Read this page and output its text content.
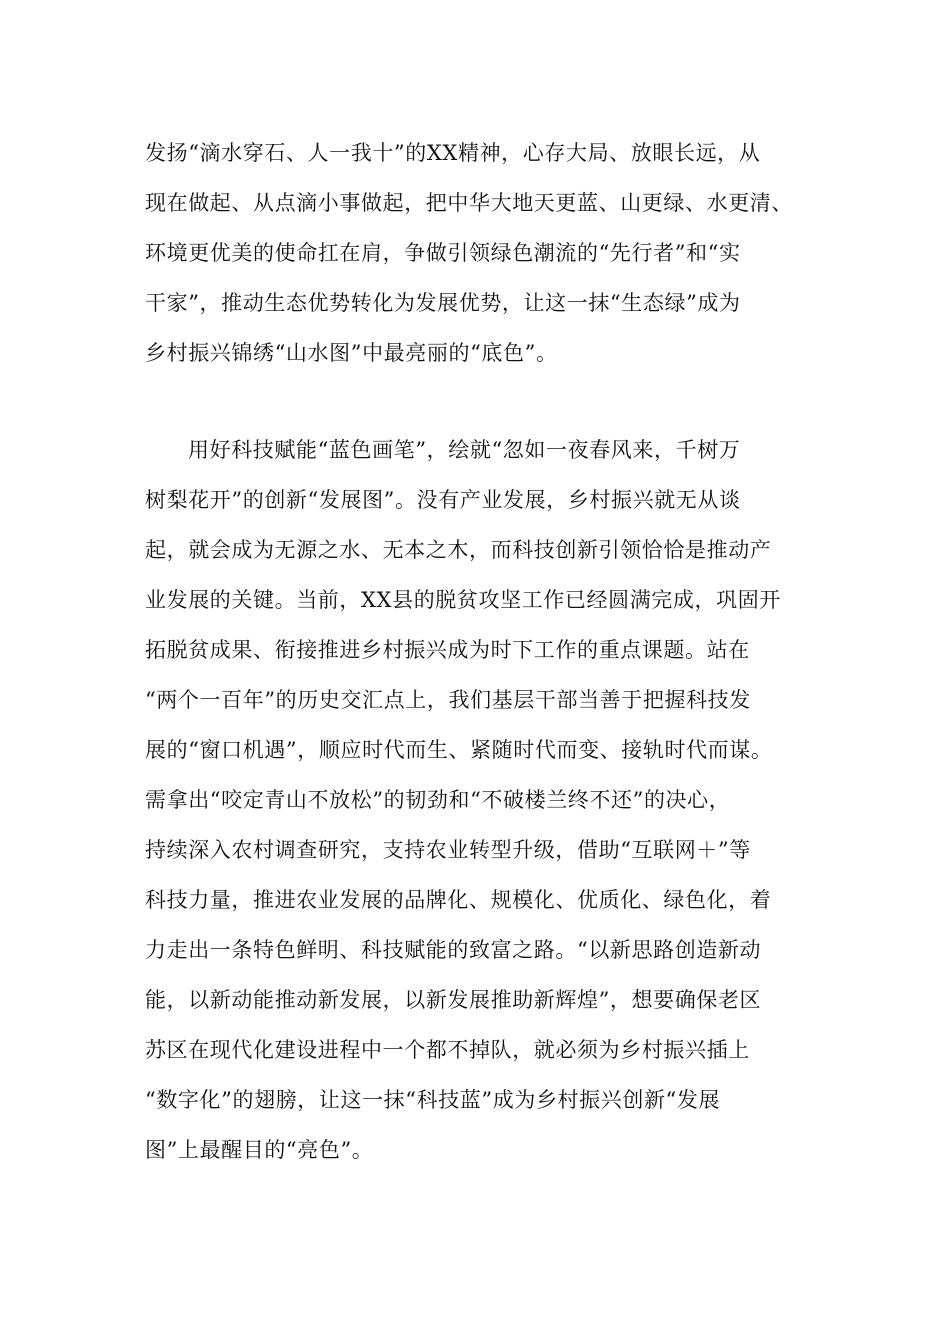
发扬“滴水穿石、人一我十”的XX精神，心存大局、放眼长远，从
现在做起、从点滴小事做起，把中华大地天更蓝、山更绿、水更清、
环境更优美的使命扛在肩，争做引领绿色潮流的“先行者”和“实
干家”，推动生态优势转化为发展优势，让这一抹“生态绿”成为
乡村振兴锦绣“山水图”中最亮丽的“底色”。
用好科技赋能“蓝色画笔”，绘就“忽如一夜春风来，千树万
树梨花开”的创新“发展图”。没有产业发展，乡村振兴就无从谈
起，就会成为无源之水、无本之木，而科技创新引领恰恰是推动产
业发展的关键。当前，XX县的脱贫攻坚工作已经圆满完成，巩固开
拓脱贫成果、衔接推进乡村振兴成为时下工作的重点课题。站在
“两个一百年”的历史交汇点上，我们基层干部当善于把握科技发
展的“窗口机遇”，顺应时代而生、紧随时代而变、接轨时代而谋。
需拿出“咬定青山不放松”的韧劲和“不破楼兰终不还”的决心，
持续深入农村调查研究，支持农业转型升级，借助“互联网＋”等
科技力量，推进农业发展的品牌化、规模化、优质化、绿色化，着
力走出一条特色鲜明、科技赋能的致富之路。“以新思路创造新动
能，以新动能推动新发展，以新发展推助新辉煌”，想要确保老区
苏区在现代化建设进程中一个都不掉队，就必须为乡村振兴插上
“数字化”的翅膀，让这一抹“科技蓝”成为乡村振兴创新“发展
图”上最醒目的“亮色”。
